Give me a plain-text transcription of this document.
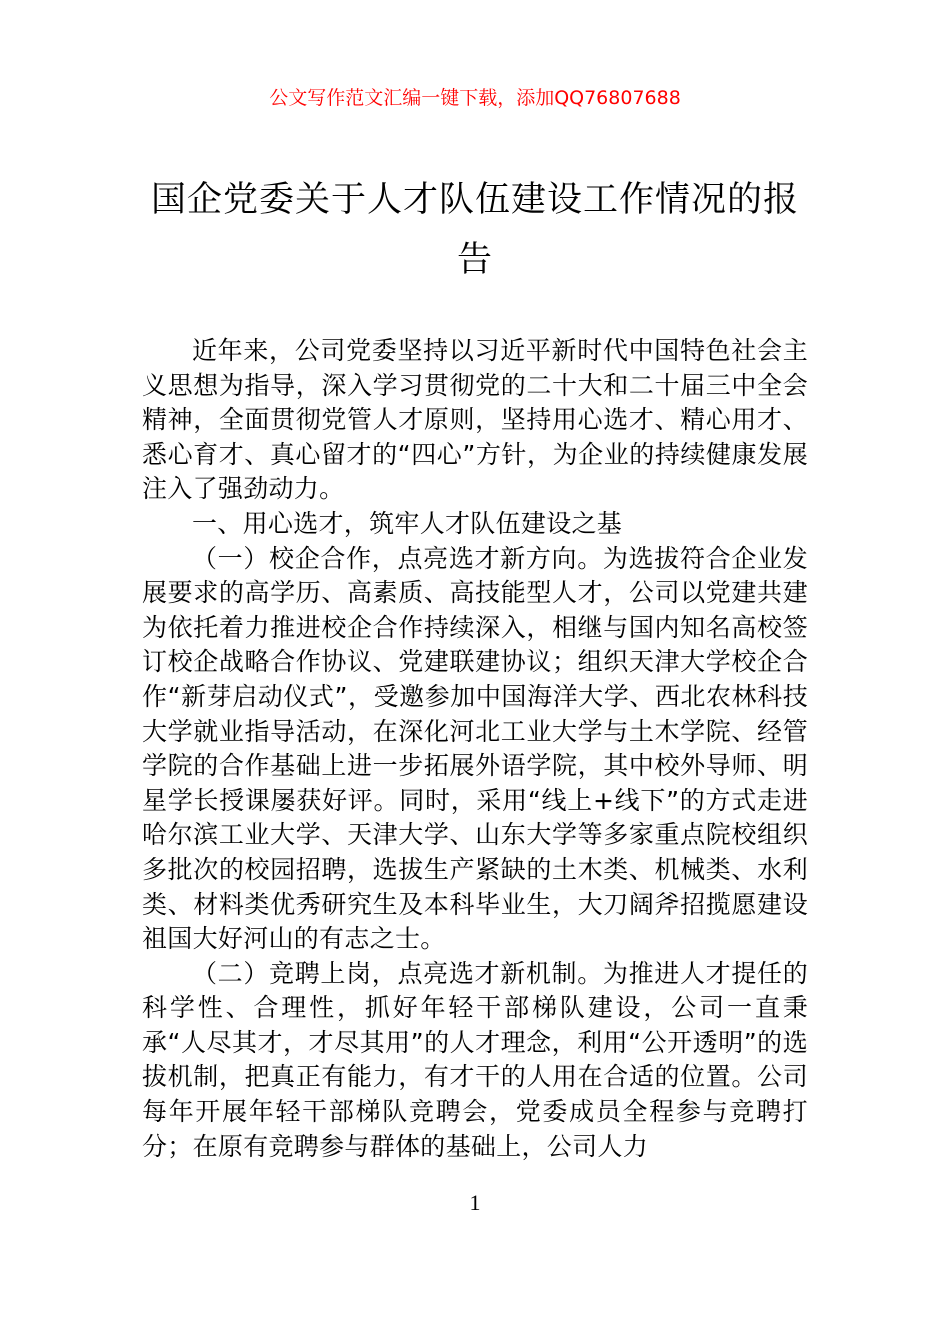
公文写作范文汇编一键下载，添加QQ76807688
国企党委关于人才队伍建设工作情况的报告

近年来，公司党委坚持以习近平新时代中国特色社会主义思想为指导，深入学习贯彻党的二十大和二十届三中全会精神，全面贯彻党管人才原则，坚持用心选才、精心用才、悉心育才、真心留才的“四心”方针，为企业的持续健康发展注入了强劲动力。

一、用心选才，筑牢人才队伍建设之基

（一）校企合作，点亮选才新方向。为选拔符合企业发展要求的高学历、高素质、高技能型人才，公司以党建共建为依托着力推进校企合作持续深入，相继与国内知名高校签订校企战略合作协议、党建联建协议；组织天津大学校企合作“新芽启动仪式”，受邀参加中国海洋大学、西北农林科技大学就业指导活动，在深化河北工业大学与土木学院、经管学院的合作基础上进一步拓展外语学院，其中校外导师、明星学长授课屡获好评。同时，采用“线上+线下”的方式走进哈尔滨工业大学、天津大学、山东大学等多家重点院校组织多批次的校园招聘，选拔生产紧缺的土木类、机械类、水利类、材料类优秀研究生及本科毕业生，大刀阔斧招揽愿建设祖国大好河山的有志之士。

（二）竞聘上岗，点亮选才新机制。为推进人才提任的科学性、合理性，抓好年轻干部梯队建设，公司一直秉承“人尽其才，才尽其用”的人才理念，利用“公开透明”的选拔机制，把真正有能力，有才干的人用在合适的位置。公司每年开展年轻干部梯队竞聘会，党委成员全程参与竞聘打分；在原有竞聘参与群体的基础上，公司人力

1
